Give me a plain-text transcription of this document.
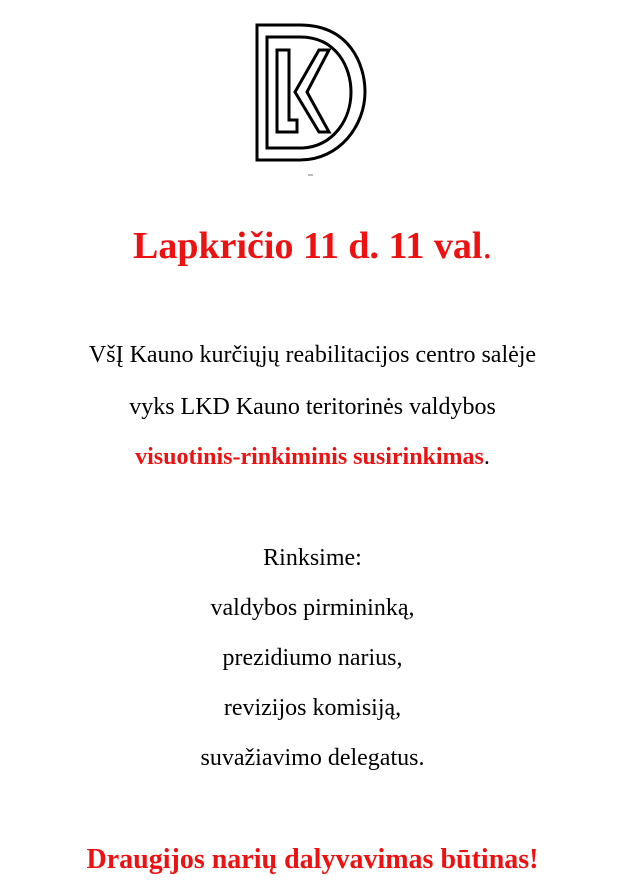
Lapkričio 11 d. 11 val.
VšĮ Kauno kurčiųjų reabilitacijos centro salėje
vyks LKD Kauno teritorinės valdybos
visuotinis-rinkiminis susirinkimas.
Rinksime:
valdybos pirmininką,
prezidiumo narius,
revizijos komisiją,
suvažiavimo delegatus.
Draugijos narių dalyvavimas būtinas!
